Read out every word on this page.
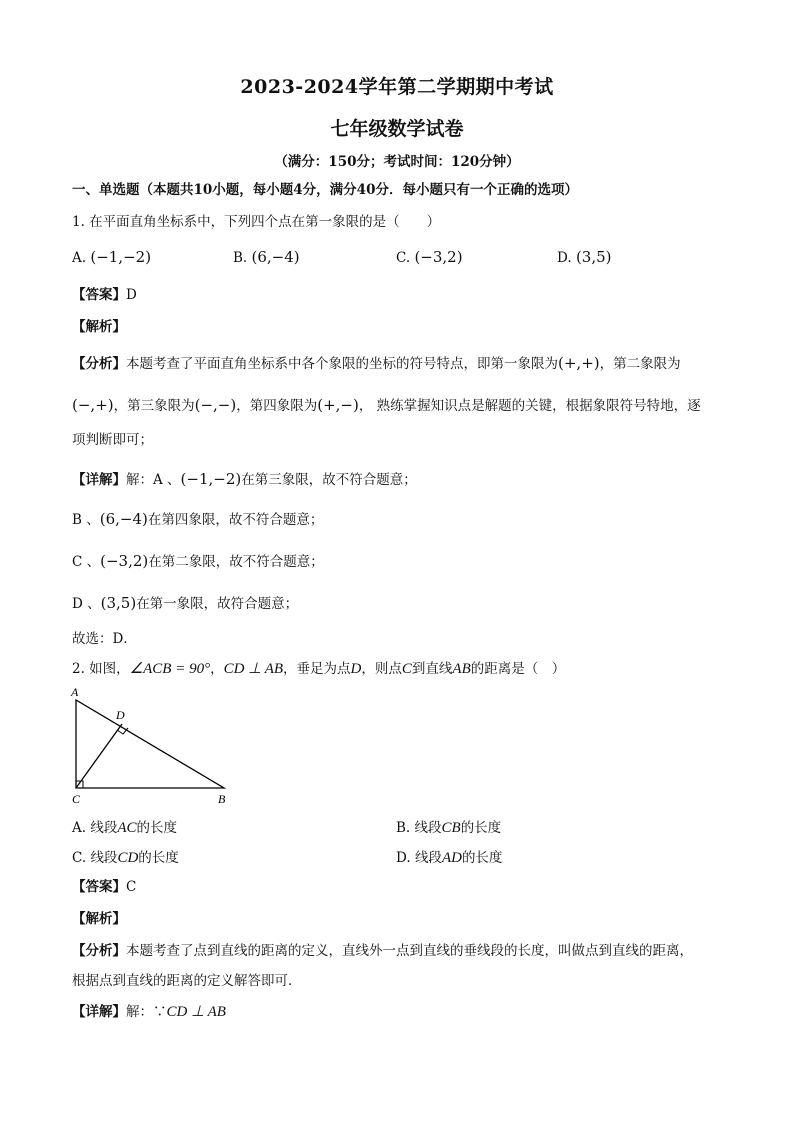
2023-2024学年第二学期期中考试
七年级数学试卷
（满分：150分；考试时间：120分钟）
一、单选题（本题共10小题，每小题4分，满分40分．每小题只有一个正确的选项）
1. 在平面直角坐标系中，下列四个点在第一象限的是（　　）
A. (−1,−2)	B. (6,−4)	C. (−3,2)	D. (3,5)
【答案】D
【解析】
【分析】本题考查了平面直角坐标系中各个象限的坐标的符号特点，即第一象限为(+,+)，第二象限为
(−,+)，第三象限为(−,−)，第四象限为(+,−)， 熟练掌握知识点是解题的关键，根据象限符号特地，逐
项判断即可；
【详解】解：A 、(−1,−2)在第三象限，故不符合题意；
B 、(6,−4)在第四象限，故不符合题意；
C 、(−3,2)在第二象限，故不符合题意；
D 、(3,5)在第一象限，故符合题意；
故选：D．
2. 如图，∠ACB = 90°，CD ⊥ AB，垂足为点D，则点C到直线AB的距离是（　）
A
D
C	B
A. 线段AC的长度	B. 线段CB的长度
C. 线段CD的长度	D. 线段AD的长度
【答案】C
【解析】
【分析】本题考查了点到直线的距离的定义，直线外一点到直线的垂线段的长度，叫做点到直线的距离，
根据点到直线的距离的定义解答即可．
【详解】解：∵CD ⊥ AB
